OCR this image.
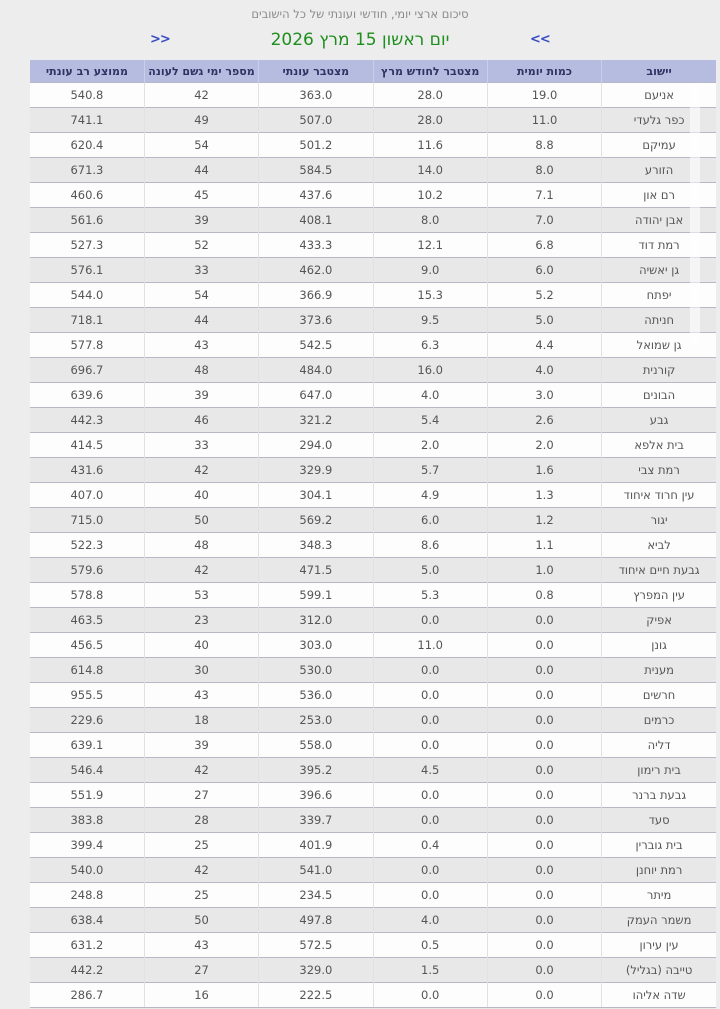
סיכום ארצי יומי, חודשי ועונתי של כל הישובים
>>
יום ראשון 15 מרץ 2026
<<
יישוב	כמות יומית	מצטבר לחודש מרץ	מצטבר עונתי	מספר ימי גשם לעונה	ממוצע רב עונתי
אניעם	19.0	28.0	363.0	42	540.8
כפר גלעדי	11.0	28.0	507.0	49	741.1
עמיקם	8.8	11.6	501.2	54	620.4
הזורע	8.0	14.0	584.5	44	671.3
רם און	7.1	10.2	437.6	45	460.6
אבן יהודה	7.0	8.0	408.1	39	561.6
רמת דוד	6.8	12.1	433.3	52	527.3
גן יאשיה	6.0	9.0	462.0	33	576.1
יפתח	5.2	15.3	366.9	54	544.0
חניתה	5.0	9.5	373.6	44	718.1
גן שמואל	4.4	6.3	542.5	43	577.8
קורנית	4.0	16.0	484.0	48	696.7
הבונים	3.0	4.0	647.0	39	639.6
גבע	2.6	5.4	321.2	46	442.3
בית אלפא	2.0	2.0	294.0	33	414.5
רמת צבי	1.6	5.7	329.9	42	431.6
עין חרוד איחוד	1.3	4.9	304.1	40	407.0
יגור	1.2	6.0	569.2	50	715.0
לביא	1.1	8.6	348.3	48	522.3
גבעת חיים איחוד	1.0	5.0	471.5	42	579.6
עין המפרץ	0.8	5.3	599.1	53	578.8
אפיק	0.0	0.0	312.0	23	463.5
גונן	0.0	11.0	303.0	40	456.5
מענית	0.0	0.0	530.0	30	614.8
חרשים	0.0	0.0	536.0	43	955.5
כרמים	0.0	0.0	253.0	18	229.6
דליה	0.0	0.0	558.0	39	639.1
בית רימון	0.0	4.5	395.2	42	546.4
גבעת ברנר	0.0	0.0	396.6	27	551.9
סעד	0.0	0.0	339.7	28	383.8
בית גוברין	0.0	0.4	401.9	25	399.4
רמת יוחנן	0.0	0.0	541.0	42	540.0
מיתר	0.0	0.0	234.5	25	248.8
משמר העמק	0.0	4.0	497.8	50	638.4
עין עירון	0.0	0.5	572.5	43	631.2
טייבה (בגליל)	0.0	1.5	329.0	27	442.2
שדה אליהו	0.0	0.0	222.5	16	286.7
